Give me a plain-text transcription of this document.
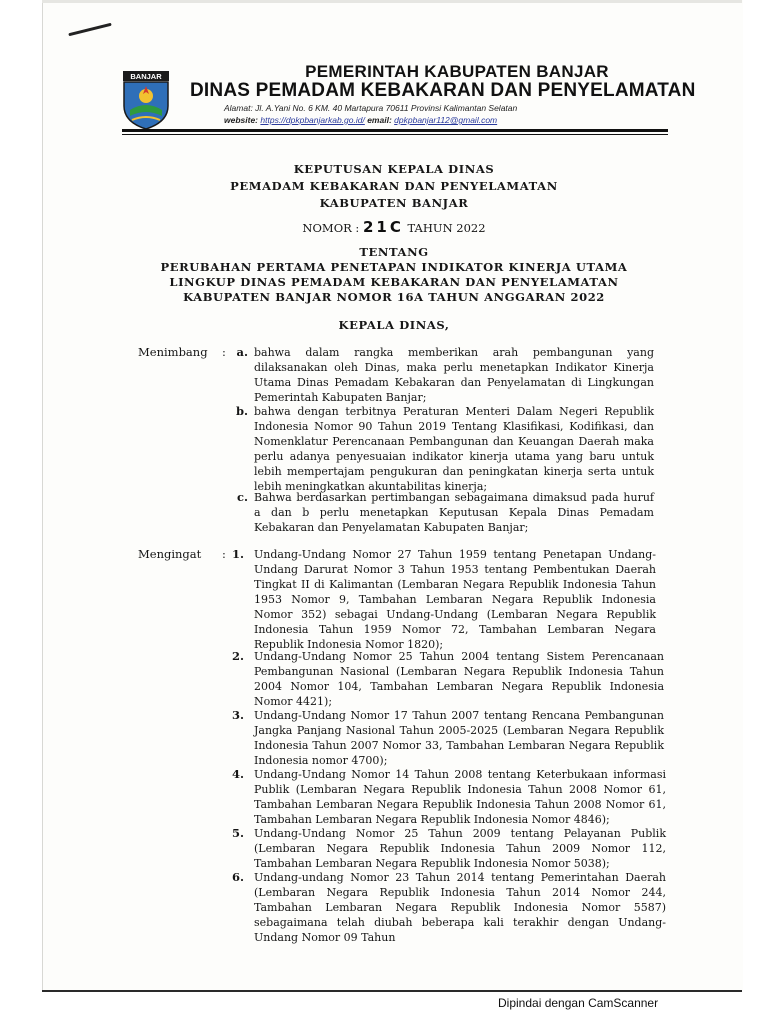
BANJAR	PEMERINTAH KABUPATEN BANJAR
DINAS PEMADAM KEBAKARAN DAN PENYELAMATAN
Alamat: Jl. A.Yani No. 6 KM. 40 Martapura 70611 Provinsi Kalimantan Selatan
website: https://dpkpbanjarkab.go.id/ email: dpkpbanjar112@gmail.com
KEPUTUSAN KEPALA DINAS
PEMADAM KEBAKARAN DAN PENYELAMATAN
KABUPATEN BANJAR
NOMOR : 21C TAHUN 2022
TENTANG
PERUBAHAN PERTAMA PENETAPAN INDIKATOR KINERJA UTAMA
LINGKUP DINAS PEMADAM KEBAKARAN DAN PENYELAMATAN
KABUPATEN BANJAR NOMOR 16A TAHUN ANGGARAN 2022
KEPALA DINAS,
Menimbang : a. bahwa dalam rangka memberikan arah pembangunan yang dilaksanakan oleh Dinas, maka perlu menetapkan Indikator Kinerja Utama Dinas Pemadam Kebakaran dan Penyelamatan di Lingkungan Pemerintah Kabupaten Banjar;
b. bahwa dengan terbitnya Peraturan Menteri Dalam Negeri Republik Indonesia Nomor 90 Tahun 2019 Tentang Klasifikasi, Kodifikasi, dan Nomenklatur Perencanaan Pembangunan dan Keuangan Daerah maka perlu adanya penyesuaian indikator kinerja utama yang baru untuk lebih mempertajam pengukuran dan peningkatan kinerja serta untuk lebih meningkatkan akuntabilitas kinerja;
c. Bahwa berdasarkan pertimbangan sebagaimana dimaksud pada huruf a dan b perlu menetapkan Keputusan Kepala Dinas Pemadam Kebakaran dan Penyelamatan Kabupaten Banjar;
Mengingat : 1. Undang-Undang Nomor 27 Tahun 1959 tentang Penetapan Undang-Undang Darurat Nomor 3 Tahun 1953 tentang Pembentukan Daerah Tingkat II di Kalimantan (Lembaran Negara Republik Indonesia Tahun 1953 Nomor 9, Tambahan Lembaran Negara Republik Indonesia Nomor 352) sebagai Undang-Undang (Lembaran Negara Republik Indonesia Tahun 1959 Nomor 72, Tambahan Lembaran Negara Republik Indonesia Nomor 1820);
2. Undang-Undang Nomor 25 Tahun 2004 tentang Sistem Perencanaan Pembangunan Nasional (Lembaran Negara Republik Indonesia Tahun 2004 Nomor 104, Tambahan Lembaran Negara Republik Indonesia Nomor 4421);
3. Undang-Undang Nomor 17 Tahun 2007 tentang Rencana Pembangunan Jangka Panjang Nasional Tahun 2005-2025 (Lembaran Negara Republik Indonesia Tahun 2007 Nomor 33, Tambahan Lembaran Negara Republik Indonesia nomor 4700);
4. Undang-Undang Nomor 14 Tahun 2008 tentang Keterbukaan informasi Publik (Lembaran Negara Republik Indonesia Tahun 2008 Nomor 61, Tambahan Lembaran Negara Republik Indonesia Tahun 2008 Nomor 61, Tambahan Lembaran Negara Republik Indonesia Nomor 4846);
5. Undang-Undang Nomor 25 Tahun 2009 tentang Pelayanan Publik (Lembaran Negara Republik Indonesia Tahun 2009 Nomor 112, Tambahan Lembaran Negara Republik Indonesia Nomor 5038);
6. Undang-undang Nomor 23 Tahun 2014 tentang Pemerintahan Daerah (Lembaran Negara Republik Indonesia Tahun 2014 Nomor 244, Tambahan Lembaran Negara Republik Indonesia Nomor 5587) sebagaimana telah diubah beberapa kali terakhir dengan Undang-Undang Nomor 09 Tahun
Dipindai dengan CamScanner
